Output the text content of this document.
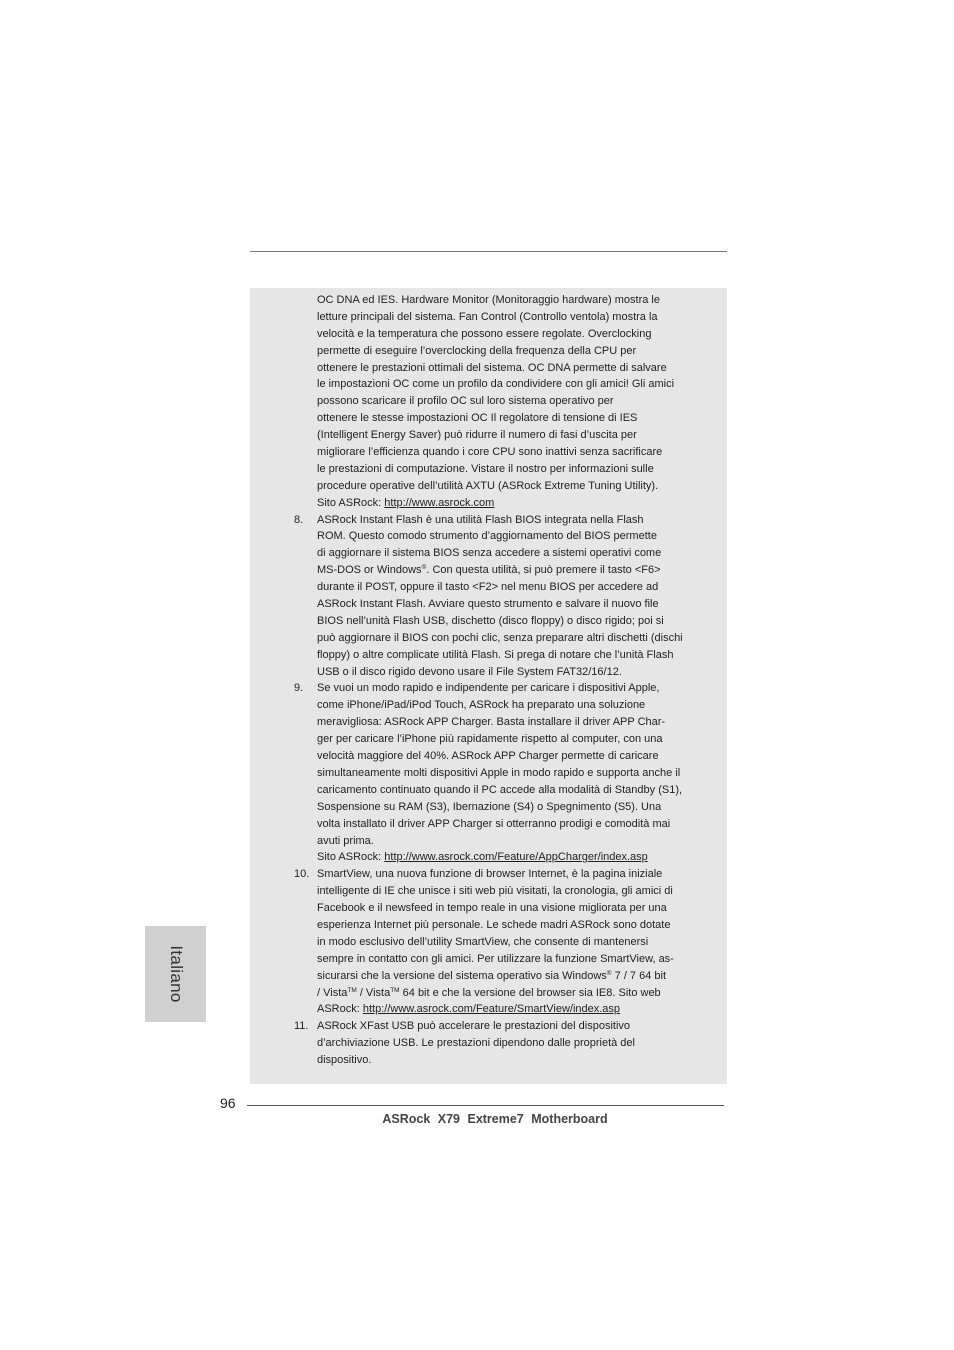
OC DNA ed IES. Hardware Monitor (Monitoraggio hardware) mostra le
letture principali del sistema. Fan Control (Controllo ventola) mostra la
velocità e la temperatura che possono essere regolate. Overclocking
permette di eseguire l’overclocking della frequenza della CPU per
ottenere le prestazioni ottimali del sistema. OC DNA permette di salvare
le impostazioni OC come un profilo da condividere con gli amici! Gli amici
possono scaricare il profilo OC sul loro sistema operativo per
ottenere le stesse impostazioni OC Il regolatore di tensione di IES
(Intelligent Energy Saver) può ridurre il numero di fasi d’uscita per
migliorare l’efficienza quando i core CPU sono inattivi senza sacrificare
le prestazioni di computazione. Vistare il nostro per informazioni sulle
procedure operative dell’utilità AXTU (ASRock Extreme Tuning Utility).
Sito ASRock: http://www.asrock.com
8. ASRock Instant Flash è una utilità Flash BIOS integrata nella Flash
ROM. Questo comodo strumento d’aggiornamento del BIOS permette
di aggiornare il sistema BIOS senza accedere a sistemi operativi come
MS-DOS or Windows®. Con questa utilità, si può premere il tasto <F6>
durante il POST, oppure il tasto <F2> nel menu BIOS per accedere ad
ASRock Instant Flash. Avviare questo strumento e salvare il nuovo file
BIOS nell’unità Flash USB, dischetto (disco floppy) o disco rigido; poi si
può aggiornare il BIOS con pochi clic, senza preparare altri dischetti (dischi
floppy) o altre complicate utilità Flash. Si prega di notare che l’unità Flash
USB o il disco rigido devono usare il File System FAT32/16/12.
9. Se vuoi un modo rapido e indipendente per caricare i dispositivi Apple,
come iPhone/iPad/iPod Touch, ASRock ha preparato una soluzione
meravigliosa: ASRock APP Charger. Basta installare il driver APP Char-
ger per caricare l’iPhone più rapidamente rispetto al computer, con una
velocità maggiore del 40%. ASRock APP Charger permette di caricare
simultaneamente molti dispositivi Apple in modo rapido e supporta anche il
caricamento continuato quando il PC accede alla modalità di Standby (S1),
Sospensione su RAM (S3), Ibernazione (S4) o Spegnimento (S5). Una
volta installato il driver APP Charger si otterranno prodigi e comodità mai
avuti prima.
Sito ASRock: http://www.asrock.com/Feature/AppCharger/index.asp
10. SmartView, una nuova funzione di browser Internet, è la pagina iniziale
intelligente di IE che unisce i siti web più visitati, la cronologia, gli amici di
Facebook e il newsfeed in tempo reale in una visione migliorata per una
esperienza Internet più personale. Le schede madri ASRock sono dotate
in modo esclusivo dell’utility SmartView, che consente di mantenersi
sempre in contatto con gli amici. Per utilizzare la funzione SmartView, as-
sicurarsi che la versione del sistema operativo sia Windows® 7 / 7 64 bit
/ Vista™ / Vista™ 64 bit e che la versione del browser sia IE8. Sito web
ASRock: http://www.asrock.com/Feature/SmartView/index.asp
11. ASRock XFast USB può accelerare le prestazioni del dispositivo
d’archiviazione USB. Le prestazioni dipendono dalle proprietà del
dispositivo.
Italiano
96
ASRock X79 Extreme7 Motherboard
